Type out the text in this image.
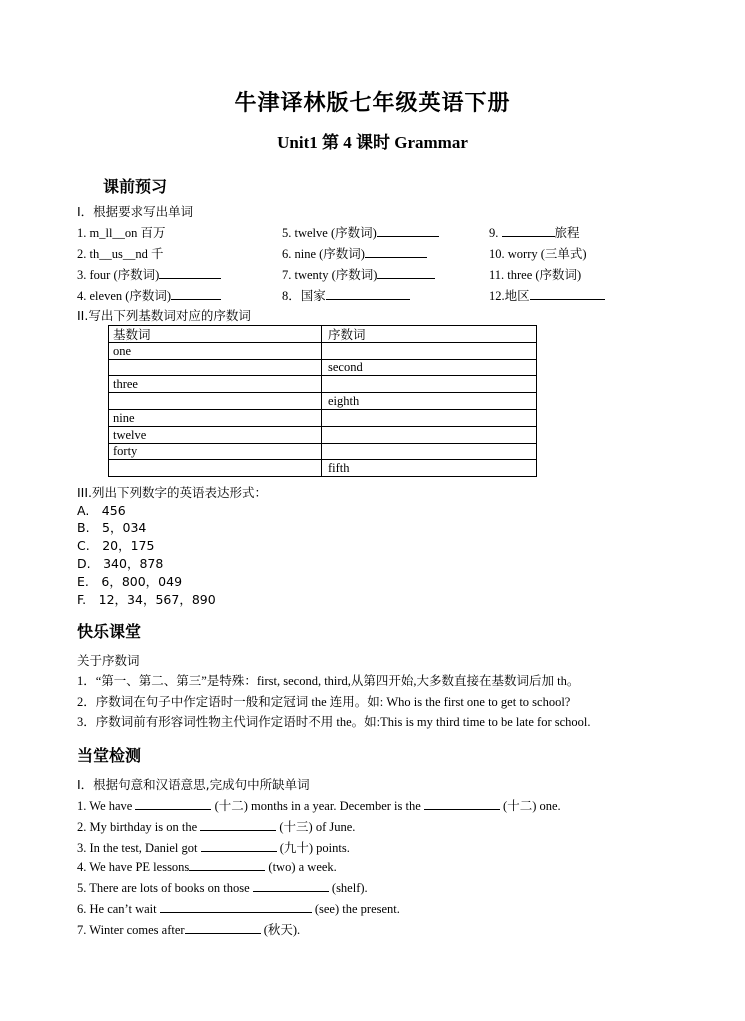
牛津译林版七年级英语下册
Unit1 第 4 课时 Grammar
课前预习
I．根据要求写出单词
1. m_ll__on 百万	5. twelve (序数词)	9.	旅程
2. th__us__nd 千	6. nine (序数词)	10. worry (三单式)
3. four (序数词)	7. twenty (序数词)	11. three (序数词)
4. eleven (序数词)	8．国家	12.地区
II.写出下列基数词对应的序数词
基数词	序数词
one	
	second
three	
	eighth
nine	
twelve	
forty	
	fifth
III.列出下列数字的英语表达形式：
A.　456
B.　5，034
C.　20，175
D.　340，878
E.　6，800，049
F.　12，34，567，890
快乐课堂
关于序数词
1．“第一、第二、第三”是特殊：first, second, third,从第四开始,大多数直接在基数词后加 th。
2．序数词在句子中作定语时一般和定冠词 the 连用。如: Who is the first one to get to school?
3．序数词前有形容词性物主代词作定语时不用 the。如:This is my third time to be late for school.
当堂检测
I．根据句意和汉语意思,完成句中所缺单词
1. We have	(十二) months in a year. December is the	(十二) one.
2. My birthday is on the	(十三) of June.
3. In the test, Daniel got	(九十) points.
4. We have PE lessons	(two) a week.
5. There are lots of books on those	(shelf).
6. He can’t wait	(see) the present.
7. Winter comes after	(秋天).
